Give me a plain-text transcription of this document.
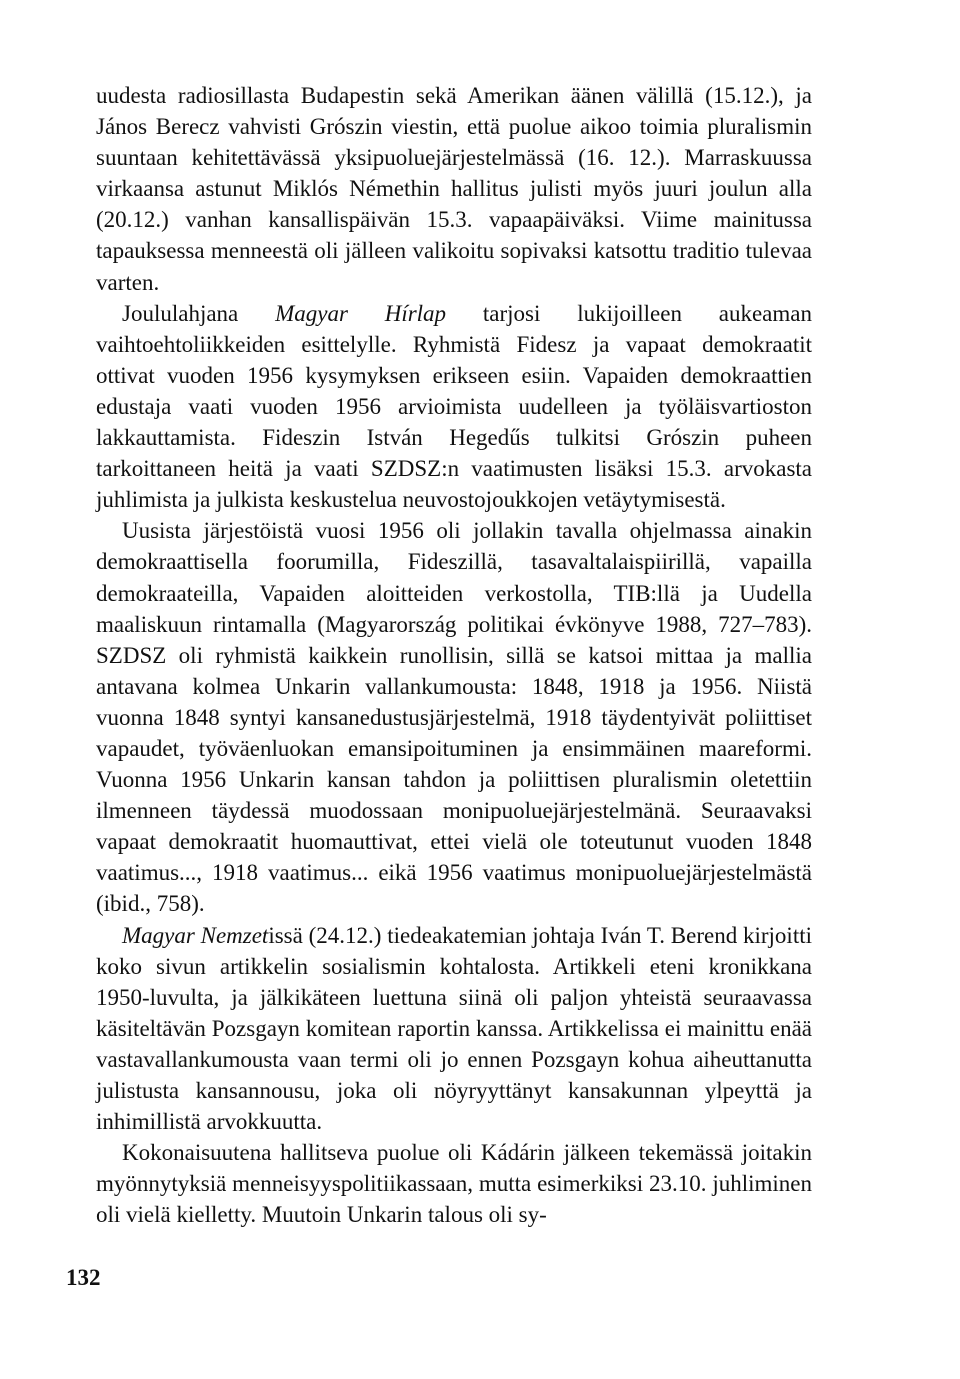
uudesta radiosillasta Budapestin sekä Amerikan äänen välillä (15.12.), ja János Berecz vahvisti Grószin viestin, että puolue aikoo toimia pluralismin suuntaan kehitettävässä yksipuoluejärjestelmässä (16. 12.). Marraskuussa virkaansa astunut Miklós Némethin hallitus julisti myös juuri joulun alla (20.12.) vanhan kansallispäivän 15.3. vapaapäiväksi. Viime mainitussa tapauksessa menneestä oli jälleen valikoitu sopivaksi katsottu traditio tulevaa varten.

Joululahjana Magyar Hírlap tarjosi lukijoilleen aukeaman vaihtoehtoliikkeiden esittelylle. Ryhmistä Fidesz ja vapaat demokraatit ottivat vuoden 1956 kysymyksen erikseen esiin. Vapaiden demokraattien edustaja vaati vuoden 1956 arvioimista uudelleen ja työläisvartioston lakkauttamista. Fideszin István Hegedűs tulkitsi Grószin puheen tarkoittaneen heitä ja vaati SZDSZ:n vaatimusten lisäksi 15.3. arvokasta juhlimista ja julkista keskustelua neuvostojoukkojen vetäytymisestä.

Uusista järjestöistä vuosi 1956 oli jollakin tavalla ohjelmassa ainakin demokraattisella foorumilla, Fideszillä, tasavaltalaispiirillä, vapailla demokraateilla, Vapaiden aloitteiden verkostolla, TIB:llä ja Uudella maaliskuun rintamalla (Magyarország politikai évkönyve 1988, 727–783). SZDSZ oli ryhmistä kaikkein runollisin, sillä se katsoi mittaa ja mallia antavana kolmea Unkarin vallankumousta: 1848, 1918 ja 1956. Niistä vuonna 1848 syntyi kansanedustusjärjestelmä, 1918 täydentyivät poliittiset vapaudet, työväenluokan emansipoituminen ja ensimmäinen maareformi. Vuonna 1956 Unkarin kansan tahdon ja poliittisen pluralismin oletettiin ilmenneen täydessä muodossaan monipuoluejärjestelmänä. Seuraavaksi vapaat demokraatit huomauttivat, ettei vielä ole toteutunut vuoden 1848 vaatimus..., 1918 vaatimus... eikä 1956 vaatimus monipuoluejärjestelmästä (ibid., 758).

Magyar Nemzetissä (24.12.) tiedeakatemian johtaja Iván T. Berend kirjoitti koko sivun artikkelin sosialismin kohtalosta. Artikkeli eteni kronikkana 1950-luvulta, ja jälkikäteen luettuna siinä oli paljon yhteistä seuraavassa käsiteltävän Pozsgayn komitean raportin kanssa. Artikkelissa ei mainittu enää vastavallankumousta vaan termi oli jo ennen Pozsgayn kohua aiheuttanutta julistusta kansannousu, joka oli nöyryyttänyt kansakunnan ylpeyttä ja inhimillistä arvokkuutta.

Kokonaisuutena hallitseva puolue oli Kádárin jälkeen tekemässä joitakin myönnytyksiä menneisyyspolitiikassaan, mutta esimerkiksi 23.10. juhliminen oli vielä kielletty. Muutoin Unkarin talous oli sy-

132
